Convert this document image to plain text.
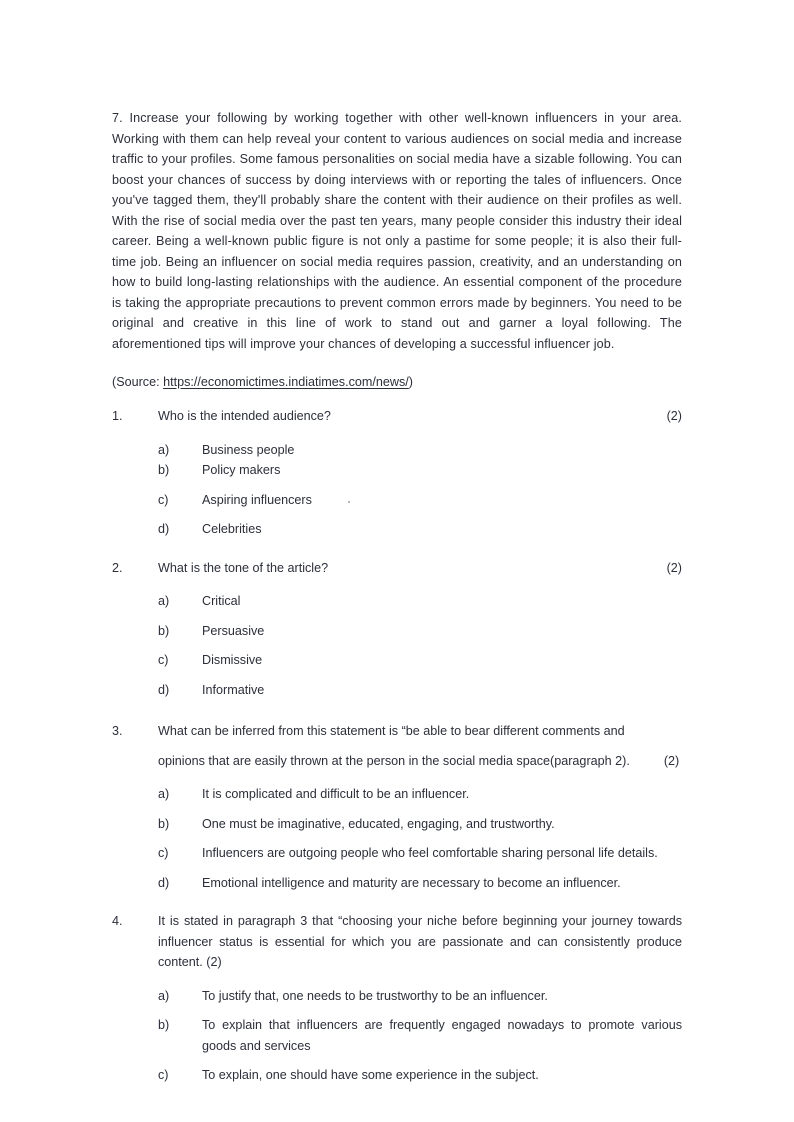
7. Increase your following by working together with other well-known influencers in your area. Working with them can help reveal your content to various audiences on social media and increase traffic to your profiles. Some famous personalities on social media have a sizable following. You can boost your chances of success by doing interviews with or reporting the tales of influencers. Once you've tagged them, they'll probably share the content with their audience on their profiles as well. With the rise of social media over the past ten years, many people consider this industry their ideal career. Being a well-known public figure is not only a pastime for some people; it is also their full-time job. Being an influencer on social media requires passion, creativity, and an understanding on how to build long-lasting relationships with the audience. An essential component of the procedure is taking the appropriate precautions to prevent common errors made by beginners. You need to be original and creative in this line of work to stand out and garner a loyal following. The aforementioned tips will improve your chances of developing a successful influencer job.

(Source: https://economictimes.indiatimes.com/news/)

1.	(2)
Who is the intended audience?
a)	Business people
b)	Policy makers
c)	Aspiring influencers
d)	Celebrities
2.	(2)
What is the tone of the article?
a)	Critical
b)	Persuasive
c)	Dismissive
d)	Informative
3.	What can be inferred from this statement is “be able to bear different comments and
opinions that are easily thrown at the person in the social media space(paragraph 2).	(2)
a)	It is complicated and difficult to be an influencer.
b)	One must be imaginative, educated, engaging, and trustworthy.
c)	Influencers are outgoing people who feel comfortable sharing personal life details.
d)	Emotional intelligence and maturity are necessary to become an influencer.
4.	It is stated in paragraph 3 that “choosing your niche before beginning your journey towards influencer status is essential for which you are passionate and can consistently produce content. (2)
a)	To justify that, one needs to be trustworthy to be an influencer.
b)	To explain that influencers are frequently engaged nowadays to promote various goods and services
c)	To explain, one should have some experience in the subject.
